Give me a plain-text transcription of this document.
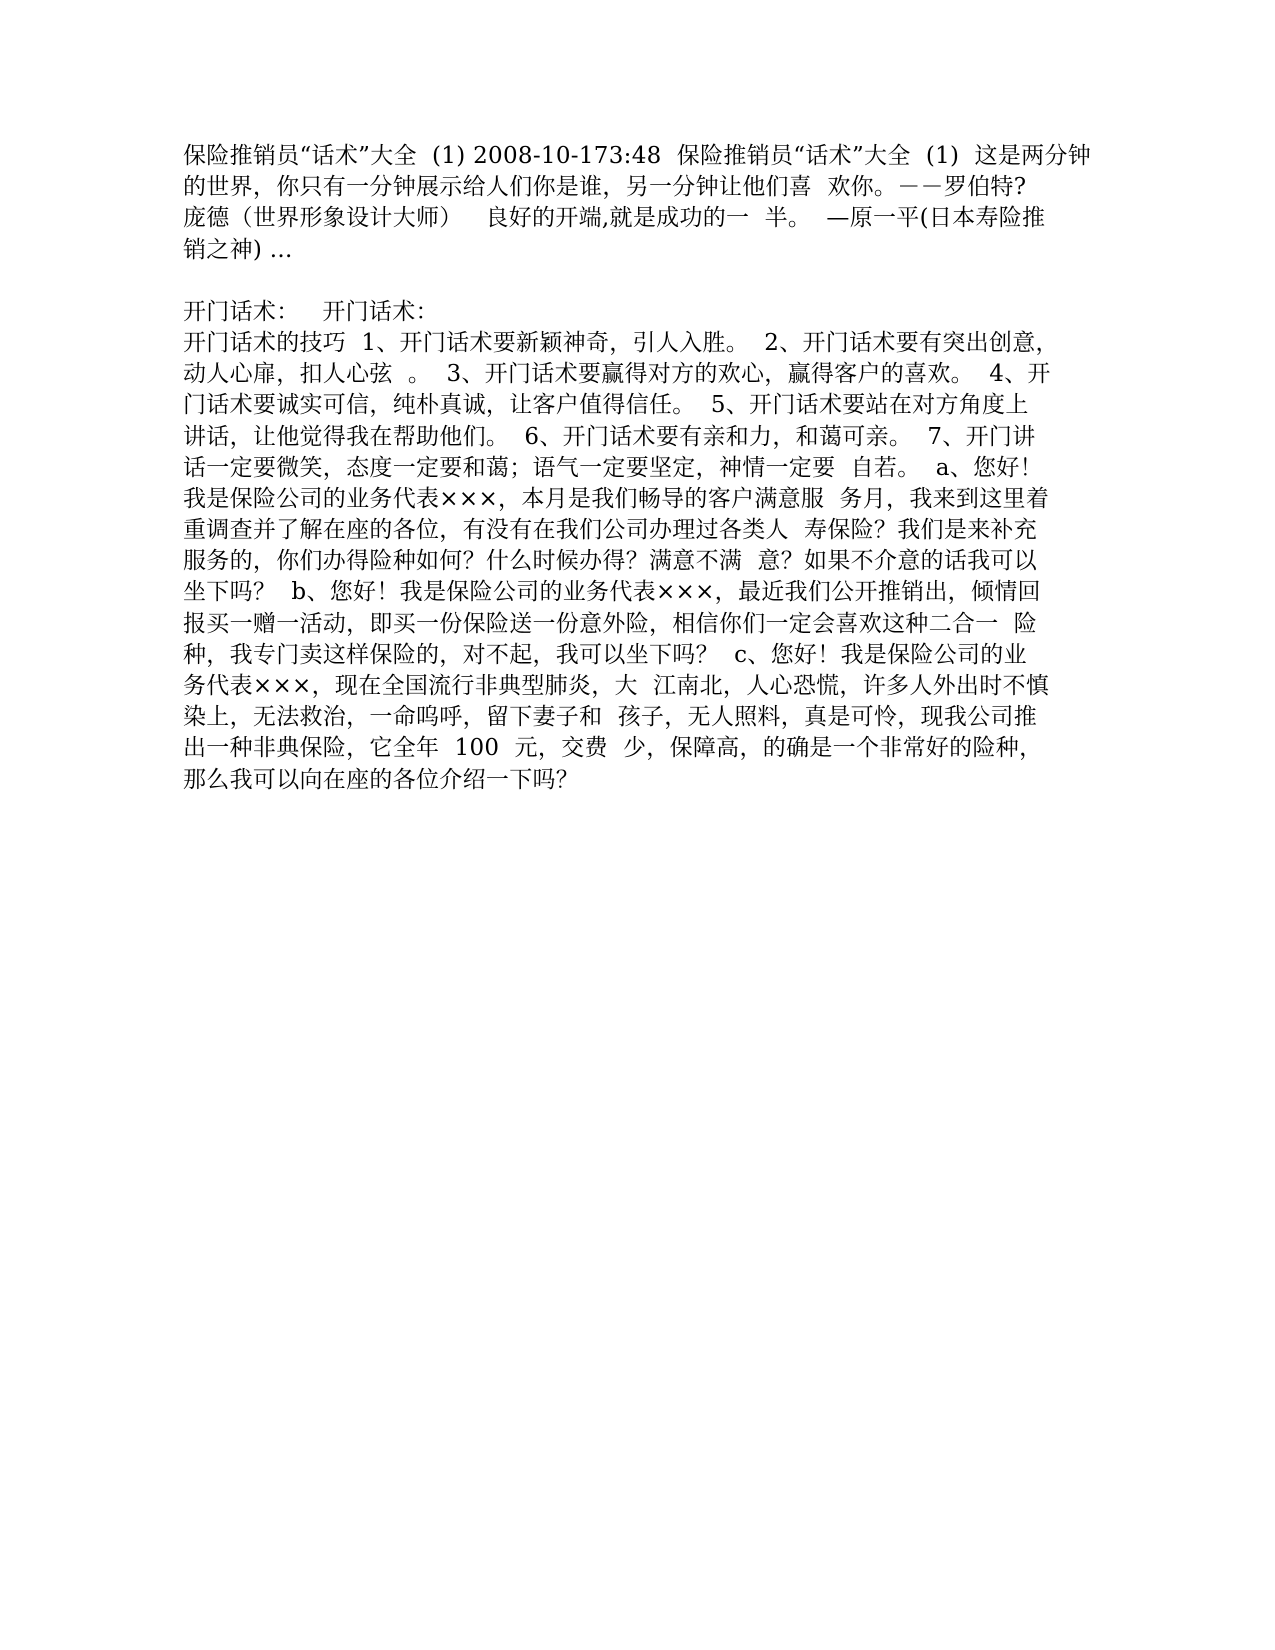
保险推销员“话术”大全  (1) 2008-10-173:48  保险推销员“话术”大全  (1)  这是两分钟
的世界，你只有一分钟展示给人们你是谁，另一分钟让他们喜  欢你。－－罗伯特?
庞德（世界形象设计大师）   良好的开端,就是成功的一  半。  —原一平(日本寿险推
销之神) ...
开门话术：   开门话术：
开门话术的技巧  1、开门话术要新颖神奇，引人入胜。  2、开门话术要有突出创意，
动人心扉，扣人心弦  。  3、开门话术要赢得对方的欢心，赢得客户的喜欢。  4、开
门话术要诚实可信，纯朴真诚，让客户值得信任。  5、开门话术要站在对方角度上
讲话，让他觉得我在帮助他们。  6、开门话术要有亲和力，和蔼可亲。  7、开门讲
话一定要微笑，态度一定要和蔼；语气一定要坚定，神情一定要  自若。  a、您好！
我是保险公司的业务代表×××，本月是我们畅导的客户满意服  务月，我来到这里着
重调查并了解在座的各位，有没有在我们公司办理过各类人  寿保险？我们是来补充
服务的，你们办得险种如何？什么时候办得？满意不满  意？如果不介意的话我可以
坐下吗？  b、您好！我是保险公司的业务代表×××，最近我们公开推销出，倾情回
报买一赠一活动，即买一份保险送一份意外险，相信你们一定会喜欢这种二合一  险
种，我专门卖这样保险的，对不起，我可以坐下吗？  c、您好！我是保险公司的业
务代表×××，现在全国流行非典型肺炎，大  江南北，人心恐慌，许多人外出时不慎
染上，无法救治，一命呜呼，留下妻子和  孩子，无人照料，真是可怜，现我公司推
出一种非典保险，它全年  100  元，交费  少，保障高，的确是一个非常好的险种，
那么我可以向在座的各位介绍一下吗？
